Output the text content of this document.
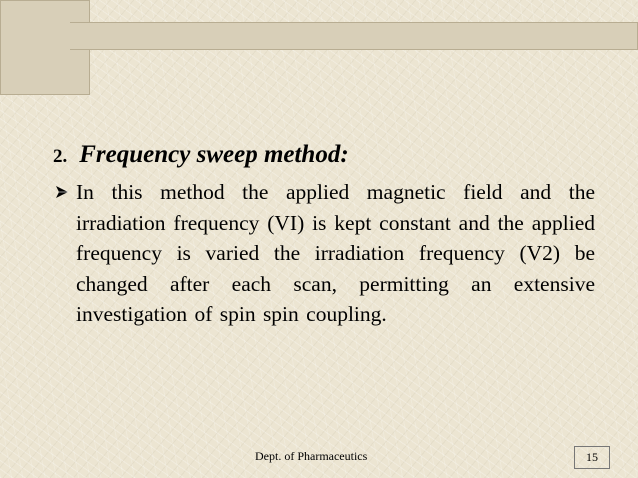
2. Frequency sweep method:

In this method the applied magnetic field and the irradiation frequency (VI) is kept constant and the applied frequency is varied the irradiation frequency (V2) be changed after each scan, permitting an extensive investigation of spin spin coupling.

Dept. of Pharmaceutics	15
